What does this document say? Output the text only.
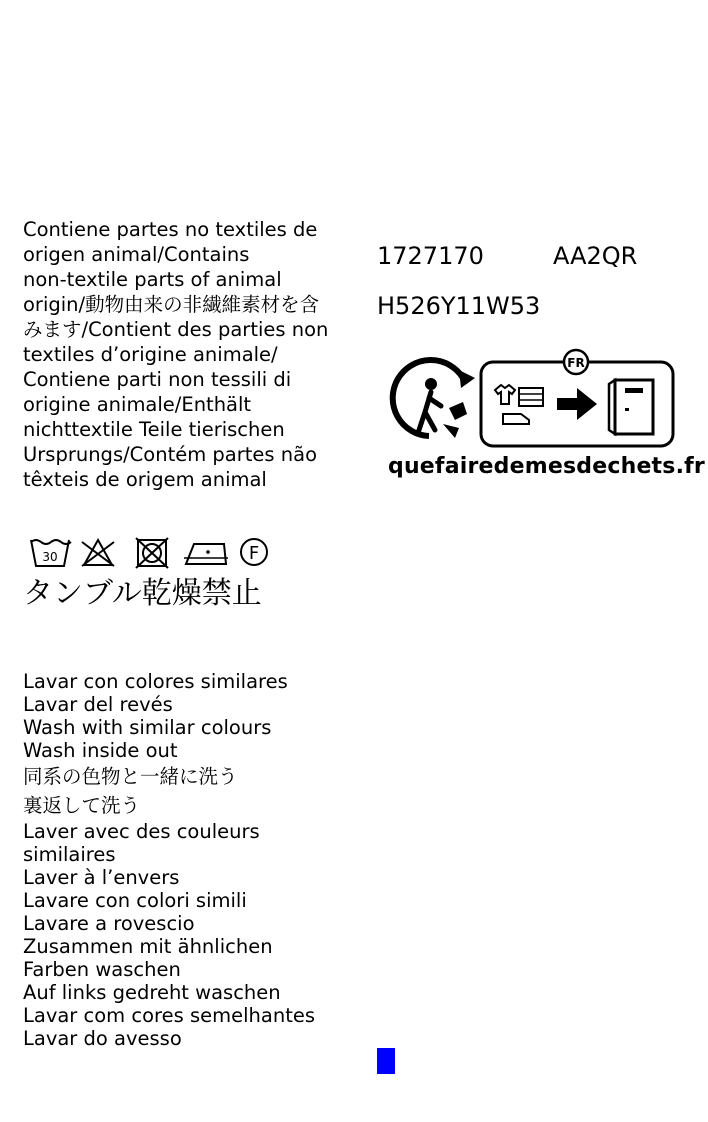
Contiene partes no textiles de
origen animal/Contains
non-textile parts of animal
origin/動物由来の非繊維素材を含
みます/Contient des parties non
textiles d’origine animale/
Contiene parti non tessili di
origine animale/Enthält
nichttextile Teile tierischen
Ursprungs/Contém partes não
têxteis de origem animal
1727170	AA2QR
H526Y11W53
FR
quefairedemesdechets.fr
30	F
タンブル乾燥禁止
Lavar con colores similares
Lavar del revés
Wash with similar colours
Wash inside out
同系の色物と一緒に洗う
裏返して洗う
Laver avec des couleurs
similaires
Laver à l’envers
Lavare con colori simili
Lavare a rovescio
Zusammen mit ähnlichen
Farben waschen
Auf links gedreht waschen
Lavar com cores semelhantes
Lavar do avesso
